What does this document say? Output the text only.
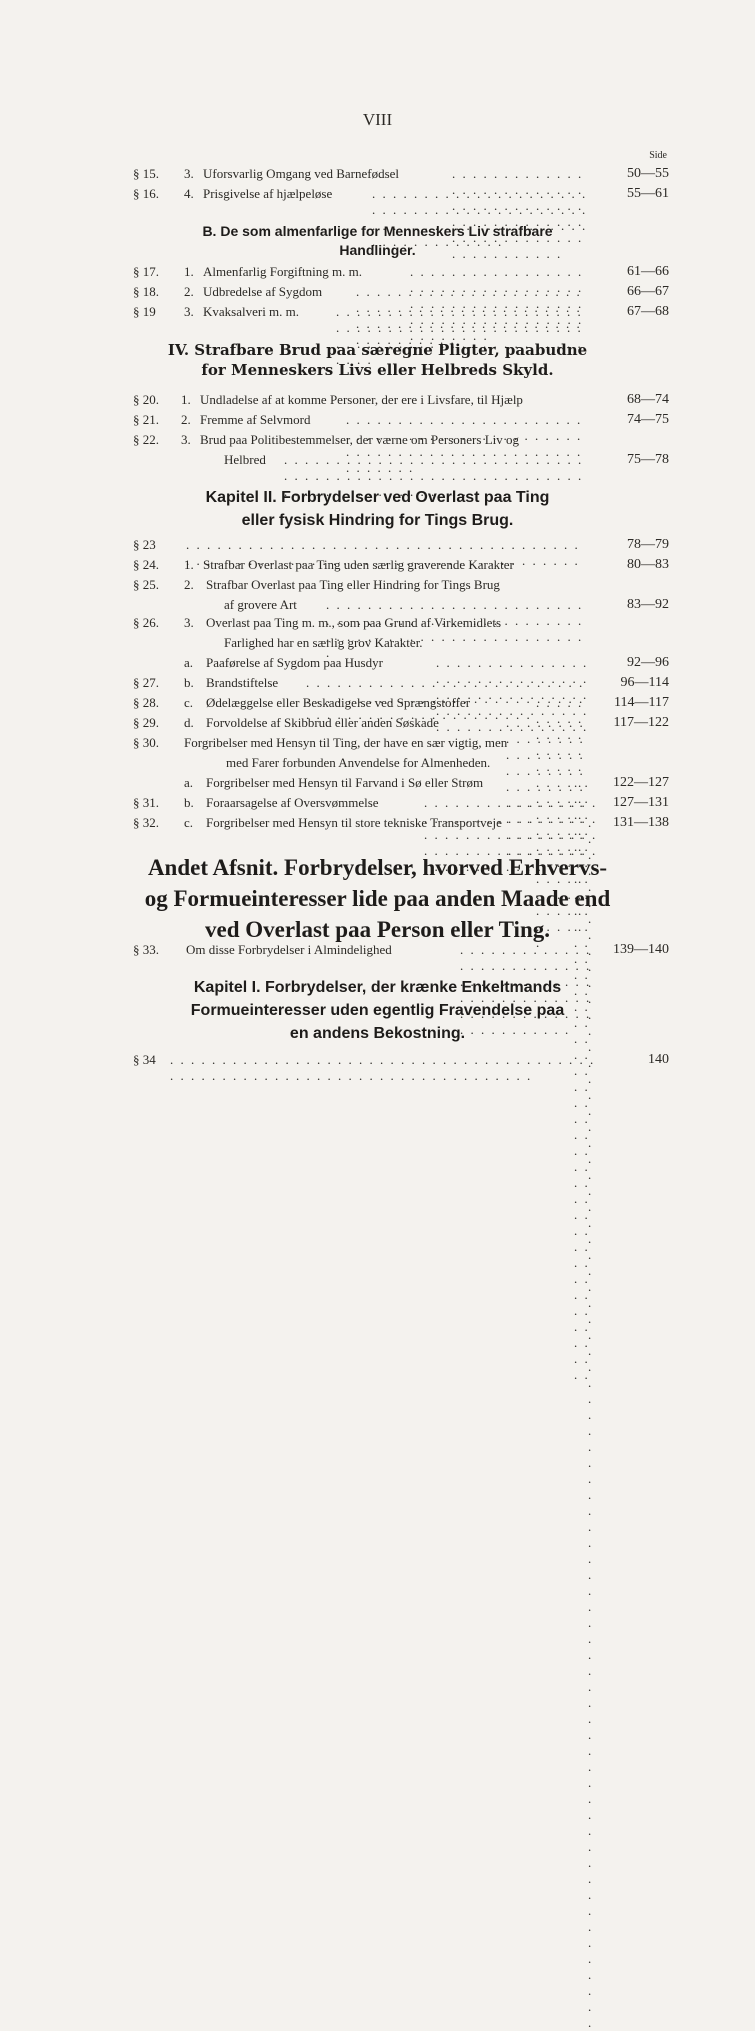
VIII
Side
§ 15. 3. Uforsvarlig Omgang ved Barnefødsel . . .	50—55
§ 16. 4. Prisgivelse af hjælpeløse . . .	55—61
B. De som almenfarlige for Menneskers Liv strafbare
Handlinger.
§ 17. 1. Almenfarlig Forgiftning m. m. . . .	61—66
§ 18. 2. Udbredelse af Sygdom . . .	66—67
§ 19 3. Kvaksalveri m. m. . . .	67—68
IV. Strafbare Brud paa særegne Pligter, paabudne
for Menneskers Livs eller Helbreds Skyld.
§ 20. 1. Undladelse af at komme Personer, der ere i Livsfare, til Hjælp	68—74
§ 21. 2. Fremme af Selvmord . . .	74—75
§ 22. 3. Brud paa Politibestemmelser, der værne om Personers Liv og
Helbred . . .	75—78
Kapitel II. Forbrydelser ved Overlast paa Ting
eller fysisk Hindring for Tings Brug.
§ 23 . . .	78—79
§ 24. 1. Strafbar Overlast paa Ting uden særlig graverende Karakter	80—83
§ 25. 2. Strafbar Overlast paa Ting eller Hindring for Tings Brug
af grovere Art . . .	83—92
§ 26. 3. Overlast paa Ting m. m., som paa Grund af Virkemidlets
Farlighed har en særlig grov Karakter.
a. Paaførelse af Sygdom paa Husdyr . . .	92—96
§ 27. b. Brandstiftelse . . .	96—114
§ 28. c. Ødelæggelse eller Beskadigelse ved Sprængstoffer . . .	114—117
§ 29. d. Forvoldelse af Skibbrud eller anden Søskade . . .	117—122
§ 30. Forgribelser med Hensyn til Ting, der have en sær vigtig, men
med Farer forbunden Anvendelse for Almenheden.
a. Forgribelser med Hensyn til Farvand i Sø eller Strøm . . .	122—127
§ 31. b. Foraarsagelse af Oversvømmelse . . .	127—131
§ 32. c. Forgribelser med Hensyn til store tekniske Transportveje . . .	131—138
Andet Afsnit. Forbrydelser, hvorved Erhvervs-
og Formueinteresser lide paa anden Maade end
ved Overlast paa Person eller Ting.
§ 33. Om disse Forbrydelser i Almindelighed . . .	139—140
Kapitel I. Forbrydelser, der krænke Enkeltmands
Formueinteresser uden egentlig Fravendelse paa
en andens Bekostning.
§ 34 . . .	140
